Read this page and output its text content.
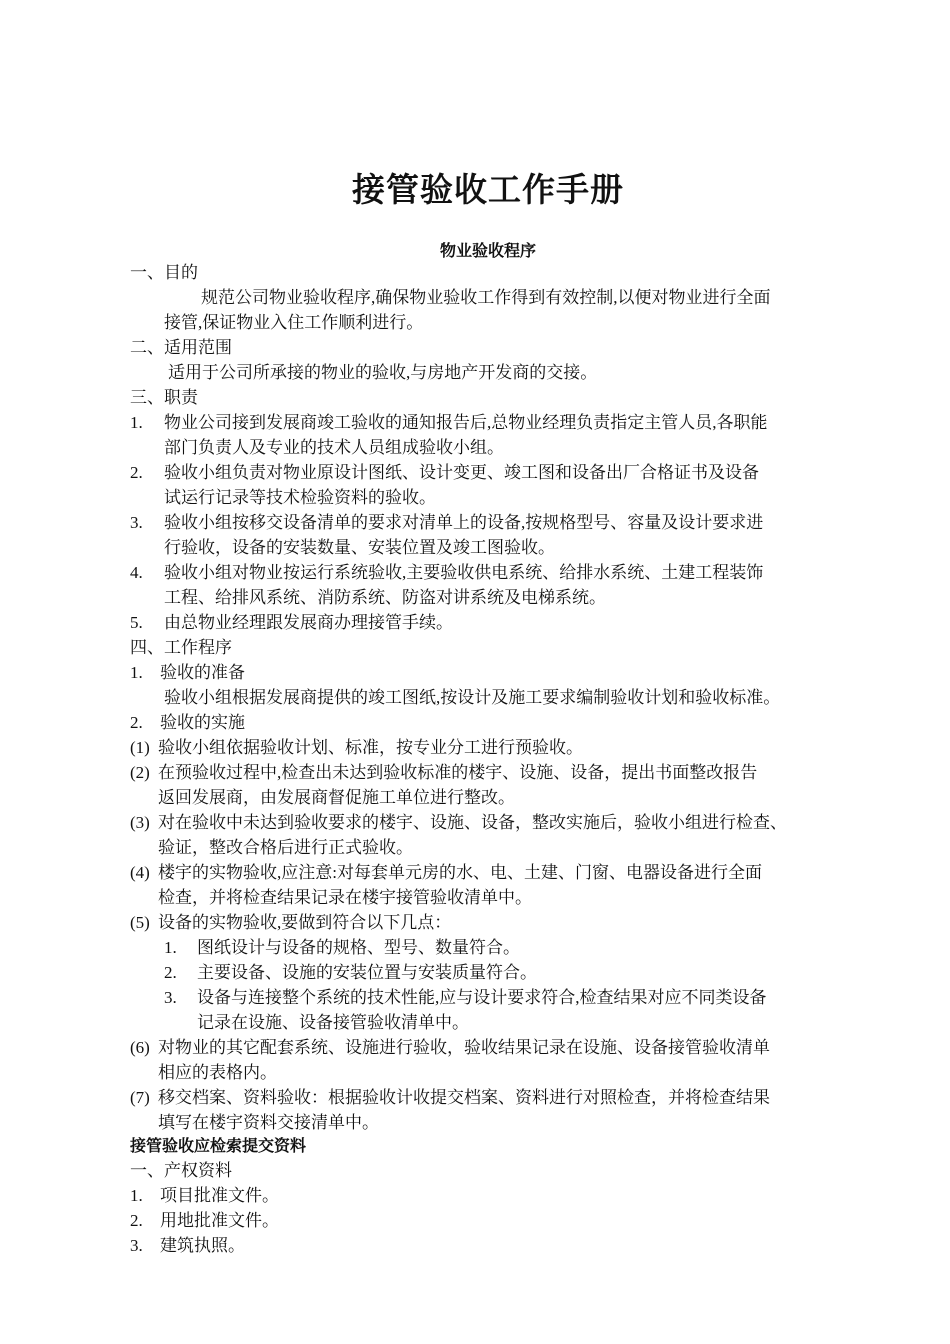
接管验收工作手册
物业验收程序
一、目的
规范公司物业验收程序,确保物业验收工作得到有效控制,以便对物业进行全面
接管,保证物业入住工作顺利进行。
二、适用范围
适用于公司所承接的物业的验收,与房地产开发商的交接。
三、职责
1. 物业公司接到发展商竣工验收的通知报告后,总物业经理负责指定主管人员,各职能
部门负责人及专业的技术人员组成验收小组。
2. 验收小组负责对物业原设计图纸、设计变更、竣工图和设备出厂合格证书及设备
试运行记录等技术检验资料的验收。
3. 验收小组按移交设备清单的要求对清单上的设备,按规格型号、容量及设计要求进
行验收，设备的安装数量、安装位置及竣工图验收。
4. 验收小组对物业按运行系统验收,主要验收供电系统、给排水系统、土建工程装饰
工程、给排风系统、消防系统、防盗对讲系统及电梯系统。
5. 由总物业经理跟发展商办理接管手续。
四、工作程序
1. 验收的准备
验收小组根据发展商提供的竣工图纸,按设计及施工要求编制验收计划和验收标准。
2. 验收的实施
(1) 验收小组依据验收计划、标准，按专业分工进行预验收。
(2) 在预验收过程中,检查出未达到验收标准的楼宇、设施、设备，提出书面整改报告
返回发展商，由发展商督促施工单位进行整改。
(3) 对在验收中未达到验收要求的楼宇、设施、设备，整改实施后，验收小组进行检查、
验证，整改合格后进行正式验收。
(4) 楼宇的实物验收,应注意:对每套单元房的水、电、土建、门窗、电器设备进行全面
检查，并将检查结果记录在楼宇接管验收清单中。
(5) 设备的实物验收,要做到符合以下几点：
1. 图纸设计与设备的规格、型号、数量符合。
2. 主要设备、设施的安装位置与安装质量符合。
3. 设备与连接整个系统的技术性能,应与设计要求符合,检查结果对应不同类设备
记录在设施、设备接管验收清单中。
(6) 对物业的其它配套系统、设施进行验收，验收结果记录在设施、设备接管验收清单
相应的表格内。
(7) 移交档案、资料验收：根据验收计收提交档案、资料进行对照检查，并将检查结果
填写在楼宇资料交接清单中。
接管验收应检索提交资料
一、产权资料
1. 项目批准文件。
2. 用地批准文件。
3. 建筑执照。
